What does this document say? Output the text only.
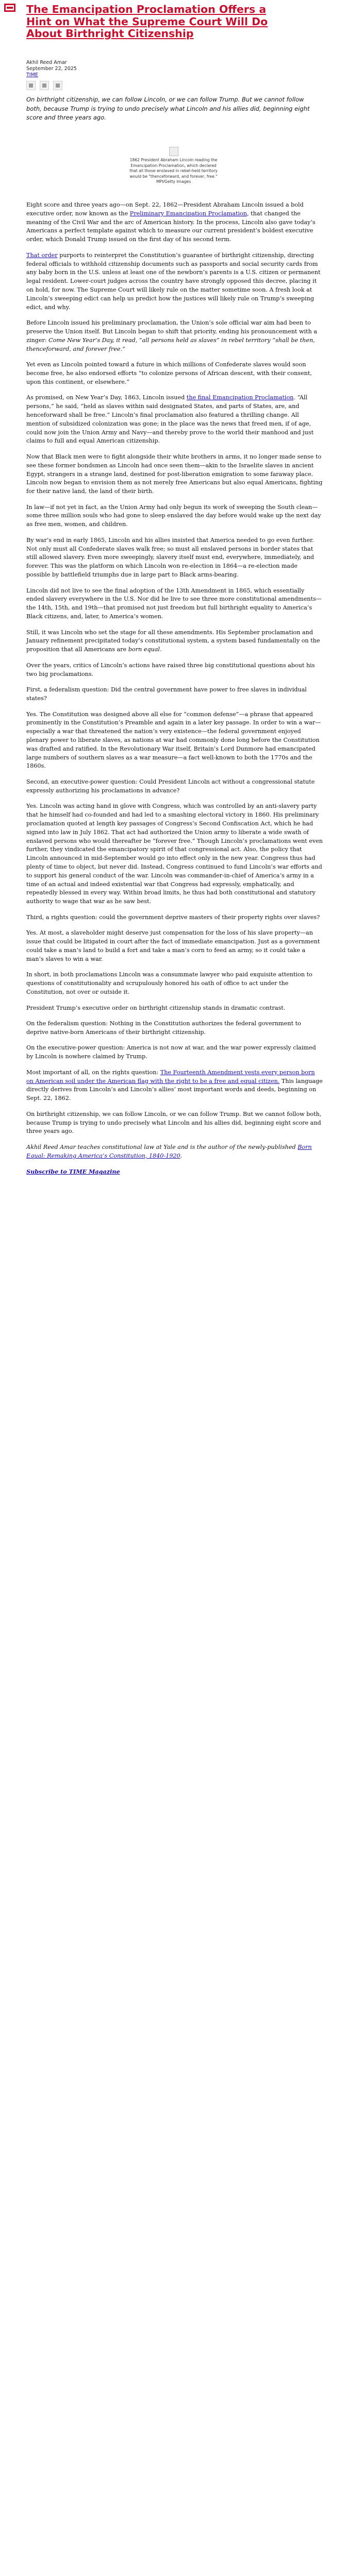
The Emancipation Proclamation Offers a Hint on What the Supreme Court Will Do About Birthright Citizenship
Akhil Reed Amar
September 22, 2025
TIME

On birthright citizenship, we can follow Lincoln, or we can follow Trump. But we cannot follow both, because Trump is trying to undo precisely what Lincoln and his allies did, beginning eight score and three years ago.

1862 President Abraham Lincoln reading the Emancipation Proclamation, which declared that all those enslaved in rebel-held territory would be "thenceforward, and forever, free." MPI/Getty Images

Eight score and three years ago—on Sept. 22, 1862—President Abraham Lincoln issued a bold executive order, now known as the Preliminary Emancipation Proclamation, that changed the meaning of the Civil War and the arc of American history. In the process, Lincoln also gave today’s Americans a perfect template against which to measure our current president’s boldest executive order, which Donald Trump issued on the first day of his second term.

That order purports to reinterpret the Constitution’s guarantee of birthright citizenship, directing federal officials to withhold citizenship documents such as passports and social security cards from any baby born in the U.S. unless at least one of the newborn’s parents is a U.S. citizen or permanent legal resident. Lower-court judges across the country have strongly opposed this decree, placing it on hold, for now. The Supreme Court will likely rule on the matter sometime soon. A fresh look at Lincoln’s sweeping edict can help us predict how the justices will likely rule on Trump’s sweeping edict, and why.

Before Lincoln issued his preliminary proclamation, the Union’s sole official war aim had been to preserve the Union itself. But Lincoln began to shift that priority, ending his pronouncement with a zinger: Come New Year’s Day, it read, “all persons held as slaves” in rebel territory “shall be then, thenceforward, and forever free.”

Yet even as Lincoln pointed toward a future in which millions of Confederate slaves would soon become free, he also endorsed efforts “to colonize persons of African descent, with their consent, upon this continent, or elsewhere.”

As promised, on New Year’s Day, 1863, Lincoln issued the final Emancipation Proclamation. “All persons,” he said, “held as slaves within said designated States, and parts of States, are, and henceforward shall be free.” Lincoln’s final proclamation also featured a thrilling change. All mention of subsidized colonization was gone; in the place was the news that freed men, if of age, could now join the Union Army and Navy—and thereby prove to the world their manhood and just claims to full and equal American citizenship.

Now that Black men were to fight alongside their white brothers in arms, it no longer made sense to see these former bondsmen as Lincoln had once seen them—akin to the Israelite slaves in ancient Egypt, strangers in a strange land, destined for post-liberation emigration to some faraway place. Lincoln now began to envision them as not merely free Americans but also equal Americans, fighting for their native land, the land of their birth.

In law—if not yet in fact, as the Union Army had only begun its work of sweeping the South clean—some three million souls who had gone to sleep enslaved the day before would wake up the next day as free men, women, and children.

By war’s end in early 1865, Lincoln and his allies insisted that America needed to go even further. Not only must all Confederate slaves walk free; so must all enslaved persons in border states that still allowed slavery. Even more sweepingly, slavery itself must end, everywhere, immediately, and forever. This was the platform on which Lincoln won re-election in 1864—a re-election made possible by battlefield triumphs due in large part to Black arms-bearing.

Lincoln did not live to see the final adoption of the 13th Amendment in 1865, which essentially ended slavery everywhere in the U.S. Nor did he live to see three more constitutional amendments—the 14th, 15th, and 19th—that promised not just freedom but full birthright equality to America’s Black citizens, and, later, to America’s women.

Still, it was Lincoln who set the stage for all these amendments. His September proclamation and January refinement precipitated today’s constitutional system, a system based fundamentally on the proposition that all Americans are born equal.

Over the years, critics of Lincoln’s actions have raised three big constitutional questions about his two big proclamations.

First, a federalism question: Did the central government have power to free slaves in individual states?

Yes. The Constitution was designed above all else for “common defense”—a phrase that appeared prominently in the Constitution’s Preamble and again in a later key passage. In order to win a war—especially a war that threatened the nation’s very existence—the federal government enjoyed plenary power to liberate slaves, as nations at war had commonly done long before the Constitution was drafted and ratified. In the Revolutionary War itself, Britain’s Lord Dunmore had emancipated large numbers of southern slaves as a war measure—a fact well-known to both the 1770s and the 1860s.

Second, an executive-power question: Could President Lincoln act without a congressional statute expressly authorizing his proclamations in advance?

Yes. Lincoln was acting hand in glove with Congress, which was controlled by an anti-slavery party that he himself had co-founded and had led to a smashing electoral victory in 1860. His preliminary proclamation quoted at length key passages of Congress’s Second Confiscation Act, which he had signed into law in July 1862. That act had authorized the Union army to liberate a wide swath of enslaved persons who would thereafter be “forever free.” Though Lincoln’s proclamations went even further, they vindicated the emancipatory spirit of that congressional act. Also, the policy that Lincoln announced in mid-September would go into effect only in the new year. Congress thus had plenty of time to object, but never did. Instead, Congress continued to fund Lincoln’s war efforts and to support his general conduct of the war. Lincoln was commander-in-chief of America’s army in a time of an actual and indeed existential war that Congress had expressly, emphatically, and repeatedly blessed in every way. Within broad limits, he thus had both constitutional and statutory authority to wage that war as he saw best.

Third, a rights question: could the government deprive masters of their property rights over slaves?

Yes. At most, a slaveholder might deserve just compensation for the loss of his slave property—an issue that could be litigated in court after the fact of immediate emancipation. Just as a government could take a man’s land to build a fort and take a man’s corn to feed an army, so it could take a man’s slaves to win a war.

In short, in both proclamations Lincoln was a consummate lawyer who paid exquisite attention to questions of constitutionality and scrupulously honored his oath of office to act under the Constitution, not over or outside it.

President Trump’s executive order on birthright citizenship stands in dramatic contrast.

On the federalism question: Nothing in the Constitution authorizes the federal government to deprive native-born Americans of their birthright citizenship.

On the executive-power question: America is not now at war, and the war power expressly claimed by Lincoln is nowhere claimed by Trump.

Most important of all, on the rights question: The Fourteenth Amendment vests every person born on American soil under the American flag with the right to be a free and equal citizen. This language directly derives from Lincoln’s and Lincoln’s allies’ most important words and deeds, beginning on Sept. 22, 1862.

On birthright citizenship, we can follow Lincoln, or we can follow Trump. But we cannot follow both, because Trump is trying to undo precisely what Lincoln and his allies did, beginning eight score and three years ago.

Akhil Reed Amar teaches constitutional law at Yale and is the author of the newly-published Born Equal: Remaking America’s Constitution, 1840-1920.

Subscribe to TIME Magazine
